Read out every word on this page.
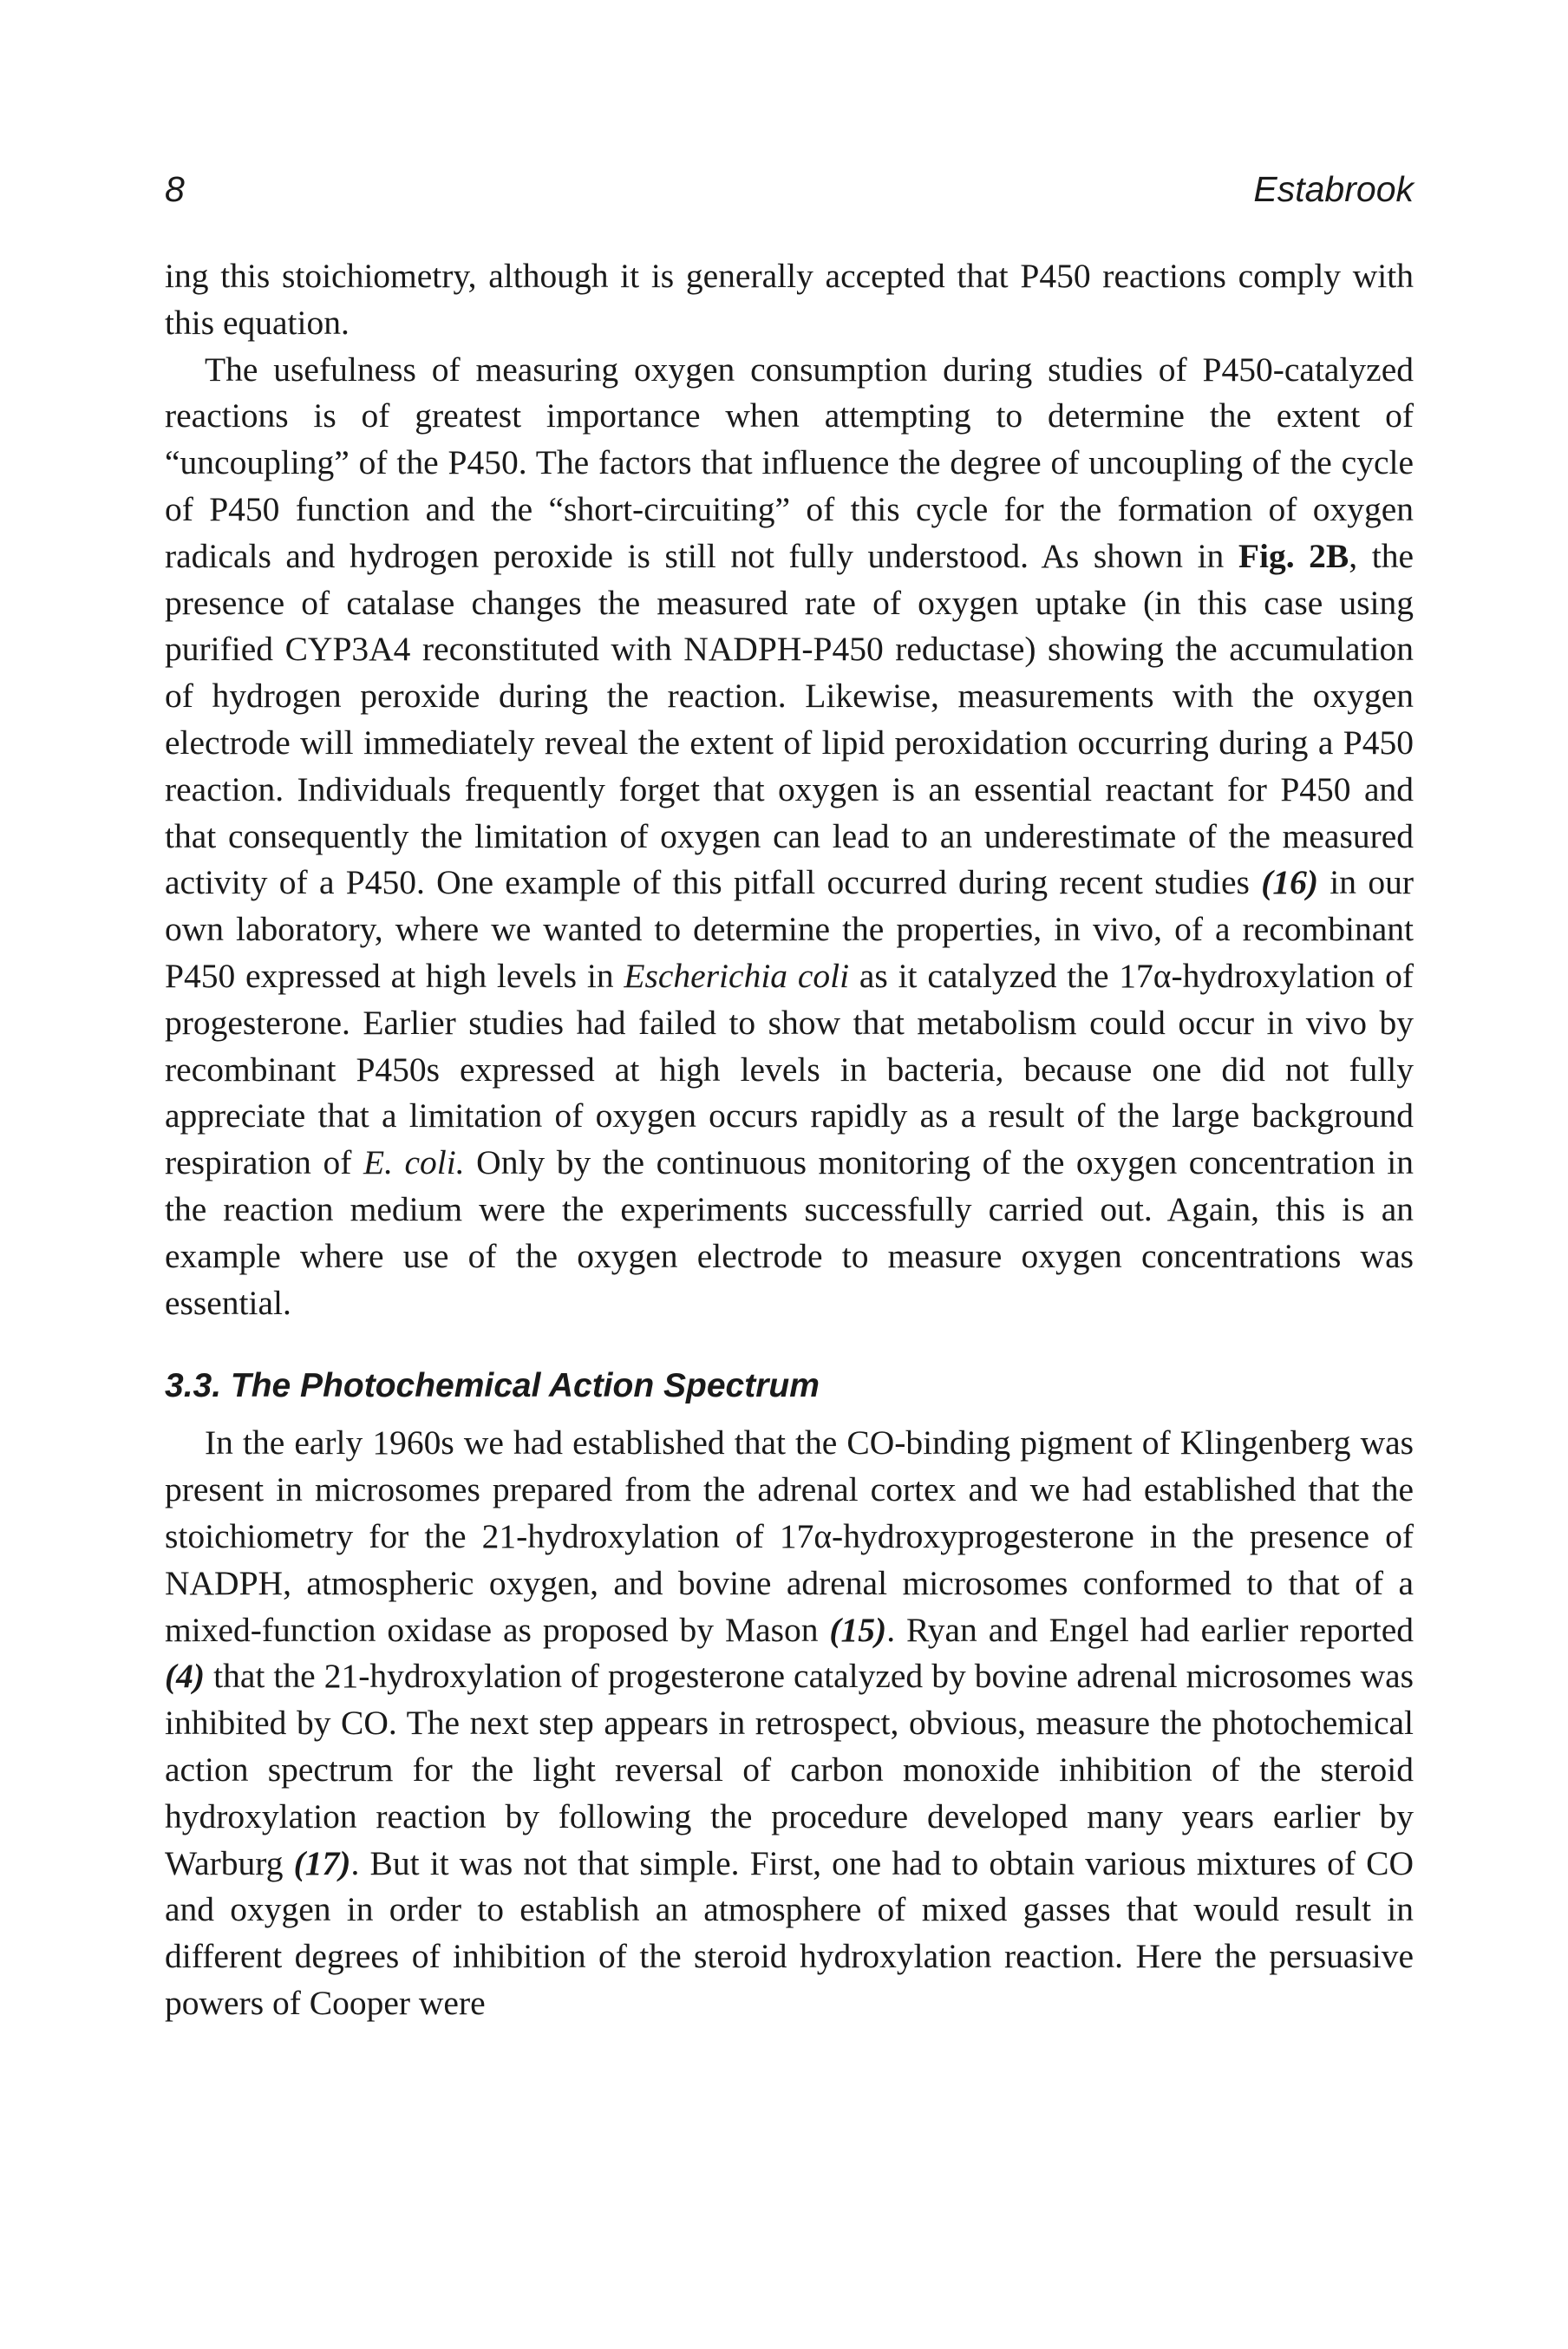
8	Estabrook

ing this stoichiometry, although it is generally accepted that P450 reactions comply with this equation.

The usefulness of measuring oxygen consumption during studies of P450-catalyzed reactions is of greatest importance when attempting to determine the extent of “uncoupling” of the P450. The factors that influence the degree of uncoupling of the cycle of P450 function and the “short-circuiting” of this cycle for the formation of oxygen radicals and hydrogen peroxide is still not fully understood. As shown in Fig. 2B, the presence of catalase changes the measured rate of oxygen uptake (in this case using purified CYP3A4 reconstituted with NADPH-P450 reductase) showing the accumulation of hydrogen peroxide during the reaction. Likewise, measurements with the oxygen electrode will immediately reveal the extent of lipid peroxidation occurring during a P450 reaction. Individuals frequently forget that oxygen is an essential reactant for P450 and that consequently the limitation of oxygen can lead to an underestimate of the measured activity of a P450. One example of this pitfall occurred during recent studies (16) in our own laboratory, where we wanted to determine the properties, in vivo, of a recombinant P450 expressed at high levels in Escherichia coli as it catalyzed the 17α-hydroxylation of progesterone. Earlier studies had failed to show that metabolism could occur in vivo by recombinant P450s expressed at high levels in bacteria, because one did not fully appreciate that a limitation of oxygen occurs rapidly as a result of the large background respiration of E. coli. Only by the continuous monitoring of the oxygen concentration in the reaction medium were the experiments successfully carried out. Again, this is an example where use of the oxygen electrode to measure oxygen concentrations was essential.

3.3. The Photochemical Action Spectrum

In the early 1960s we had established that the CO-binding pigment of Klingenberg was present in microsomes prepared from the adrenal cortex and we had established that the stoichiometry for the 21-hydroxylation of 17α-hydroxyprogesterone in the presence of NADPH, atmospheric oxygen, and bovine adrenal microsomes conformed to that of a mixed-function oxidase as proposed by Mason (15). Ryan and Engel had earlier reported (4) that the 21-hydroxylation of progesterone catalyzed by bovine adrenal microsomes was inhibited by CO. The next step appears in retrospect, obvious, measure the photochemical action spectrum for the light reversal of carbon monoxide inhibition of the steroid hydroxylation reaction by following the procedure developed many years earlier by Warburg (17). But it was not that simple. First, one had to obtain various mixtures of CO and oxygen in order to establish an atmosphere of mixed gasses that would result in different degrees of inhibition of the steroid hydroxylation reaction. Here the persuasive powers of Cooper were
